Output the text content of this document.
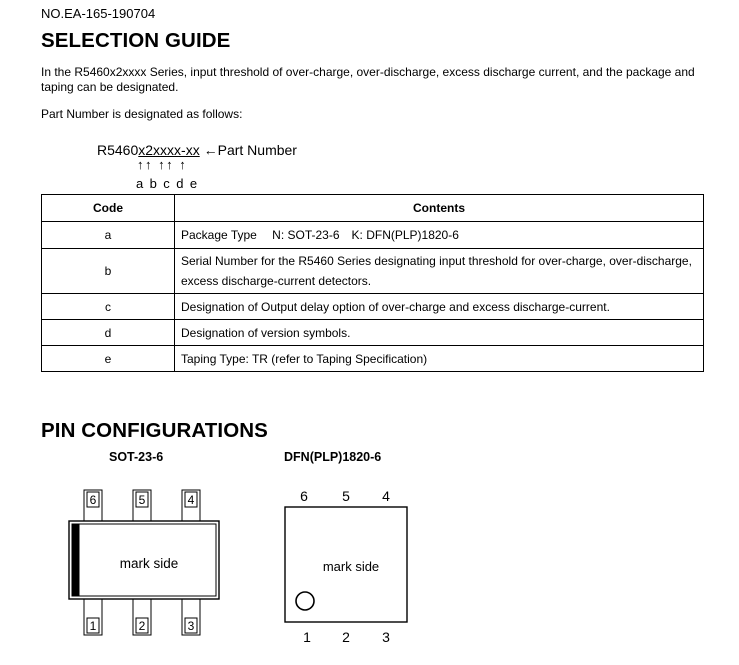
NO.EA-165-190704
SELECTION GUIDE
In the R5460x2xxxx Series, input threshold of over-charge, over-discharge, excess discharge current, and the package and taping can be designated.
Part Number is designated as follows:
R5460x2xxxx-xx ←Part Number
↑↑ ↑↑ ↑
a b c d e
Code	Contents
a	Package Type  N: SOT-23-6 K: DFN(PLP)1820-6
b	Serial Number for the R5460 Series designating input threshold for over-charge, over-discharge, excess discharge-current detectors.
c	Designation of Output delay option of over-charge and excess discharge-current.
d	Designation of version symbols.
e	Taping Type: TR (refer to Taping Specification)
PIN CONFIGURATIONS
SOT-23-6	DFN(PLP)1820-6
6	5	4
1	2	3
mark side
6 5 4
1 2 3
mark side
